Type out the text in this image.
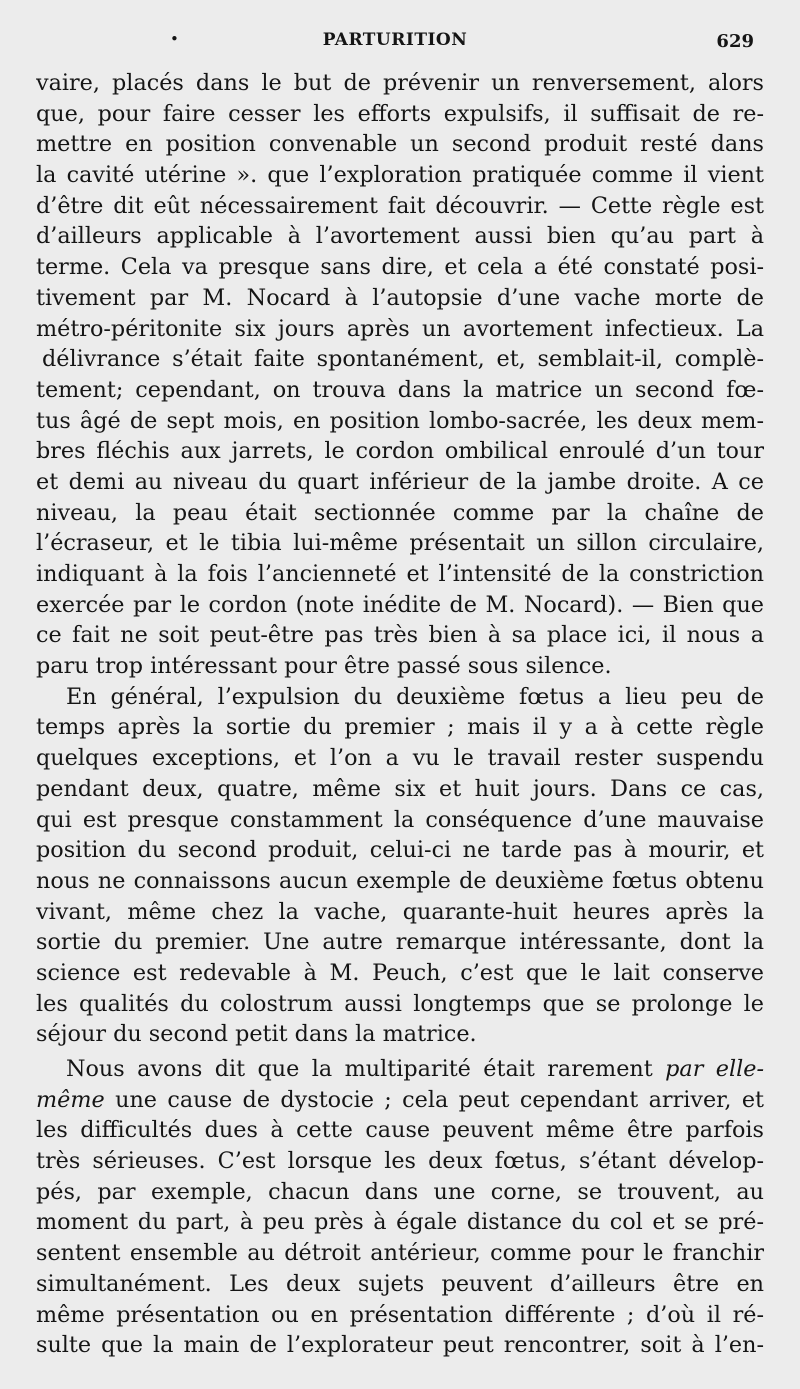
•	PARTURITION	629
vaire, placés dans le but de prévenir un renversement, alors
que, pour faire cesser les efforts expulsifs, il suffisait de re-
mettre en position convenable un second produit resté dans
la cavité utérine ». que l’exploration pratiquée comme il vient
d’être dit eût nécessairement fait découvrir. — Cette règle est
d’ailleurs applicable à l’avortement aussi bien qu’au part à
terme. Cela va presque sans dire, et cela a été constaté posi-
tivement par M. Nocard à l’autopsie d’une vache morte de
métro-péritonite six jours après un avortement infectieux. La
délivrance s’était faite spontanément, et, semblait-il, complè-
tement; cependant, on trouva dans la matrice un second fœ-
tus âgé de sept mois, en position lombo-sacrée, les deux mem-
bres fléchis aux jarrets, le cordon ombilical enroulé d’un tour
et demi au niveau du quart inférieur de la jambe droite. A ce
niveau, la peau était sectionnée comme par la chaîne de
l’écraseur, et le tibia lui-même présentait un sillon circulaire,
indiquant à la fois l’ancienneté et l’intensité de la constriction
exercée par le cordon (note inédite de M. Nocard). — Bien que
ce fait ne soit peut-être pas très bien à sa place ici, il nous a
paru trop intéressant pour être passé sous silence.
En général, l’expulsion du deuxième fœtus a lieu peu de
temps après la sortie du premier ; mais il y a à cette règle
quelques exceptions, et l’on a vu le travail rester suspendu
pendant deux, quatre, même six et huit jours. Dans ce cas,
qui est presque constamment la conséquence d’une mauvaise
position du second produit, celui-ci ne tarde pas à mourir, et
nous ne connaissons aucun exemple de deuxième fœtus obtenu
vivant, même chez la vache, quarante-huit heures après la
sortie du premier. Une autre remarque intéressante, dont la
science est redevable à M. Peuch, c’est que le lait conserve
les qualités du colostrum aussi longtemps que se prolonge le
séjour du second petit dans la matrice.
Nous avons dit que la multiparité était rarement par elle-
même une cause de dystocie ; cela peut cependant arriver, et
les difficultés dues à cette cause peuvent même être parfois
très sérieuses. C’est lorsque les deux fœtus, s’étant dévelop-
pés, par exemple, chacun dans une corne, se trouvent, au
moment du part, à peu près à égale distance du col et se pré-
sentent ensemble au détroit antérieur, comme pour le franchir
simultanément. Les deux sujets peuvent d’ailleurs être en
même présentation ou en présentation différente ; d’où il ré-
sulte que la main de l’explorateur peut rencontrer, soit à l’en-
